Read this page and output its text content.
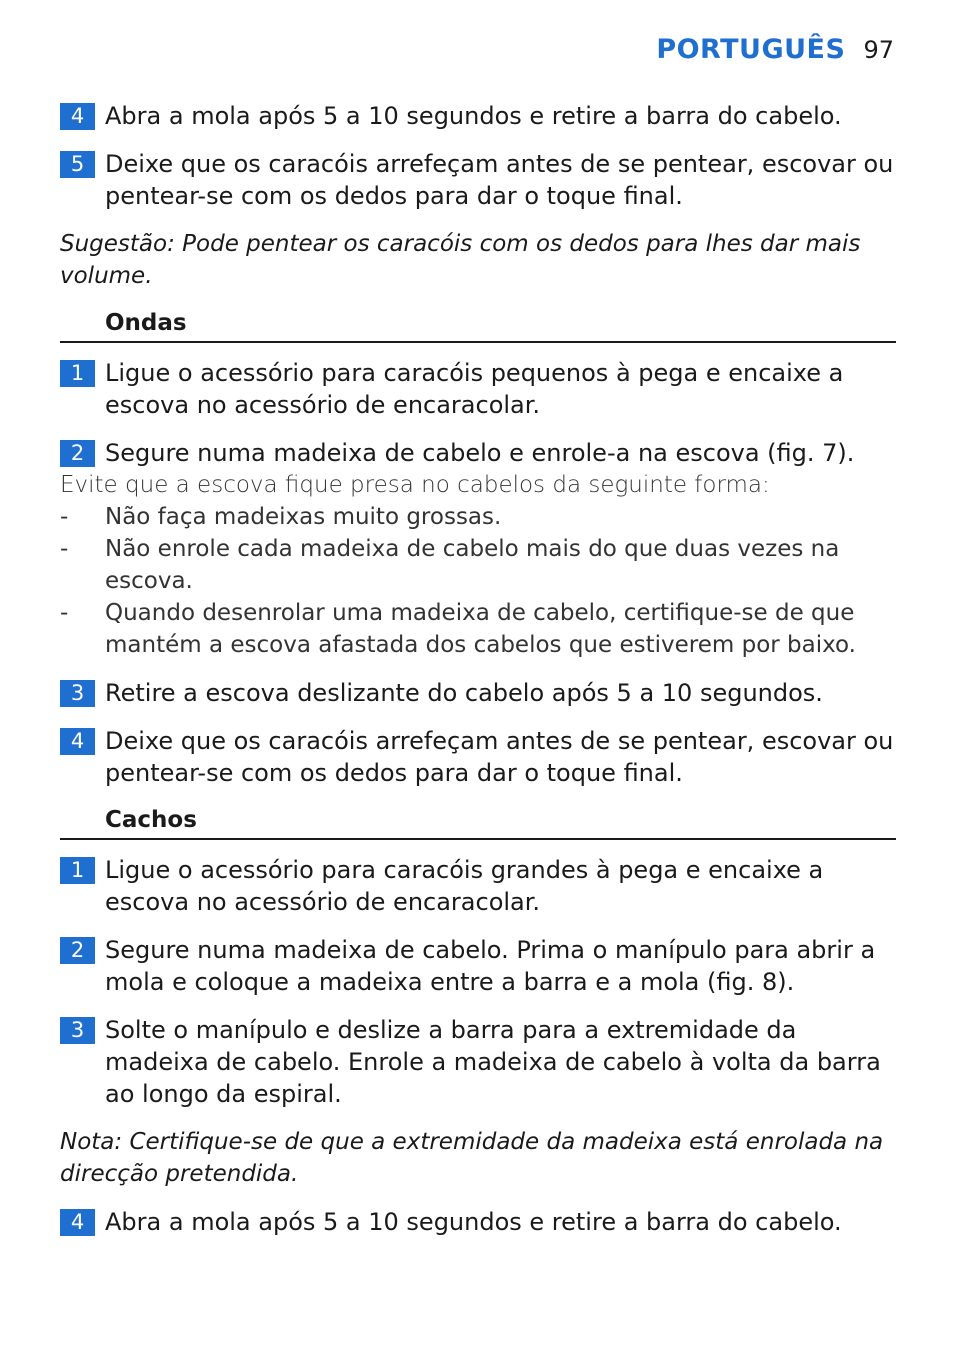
PORTUGUÊS 97
4 Abra a mola após 5 a 10 segundos e retire a barra do cabelo.
5 Deixe que os caracóis arrefeçam antes de se pentear, escovar ou pentear-se com os dedos para dar o toque final.
Sugestão: Pode pentear os caracóis com os dedos para lhes dar mais volume.
Ondas
1 Ligue o acessório para caracóis pequenos à pega e encaixe a escova no acessório de encaracolar.
2 Segure numa madeixa de cabelo e enrole-a na escova (fig. 7).
Evite que a escova fique presa no cabelos da seguinte forma:
-	Não faça madeixas muito grossas.
-	Não enrole cada madeixa de cabelo mais do que duas vezes na escova.
-	Quando desenrolar uma madeixa de cabelo, certifique-se de que mantém a escova afastada dos cabelos que estiverem por baixo.
3 Retire a escova deslizante do cabelo após 5 a 10 segundos.
4 Deixe que os caracóis arrefeçam antes de se pentear, escovar ou pentear-se com os dedos para dar o toque final.
Cachos
1 Ligue o acessório para caracóis grandes à pega e encaixe a escova no acessório de encaracolar.
2 Segure numa madeixa de cabelo. Prima o manípulo para abrir a mola e coloque a madeixa entre a barra e a mola (fig. 8).
3 Solte o manípulo e deslize a barra para a extremidade da madeixa de cabelo. Enrole a madeixa de cabelo à volta da barra ao longo da espiral.
Nota: Certifique-se de que a extremidade da madeixa está enrolada na direcção pretendida.
4 Abra a mola após 5 a 10 segundos e retire a barra do cabelo.
